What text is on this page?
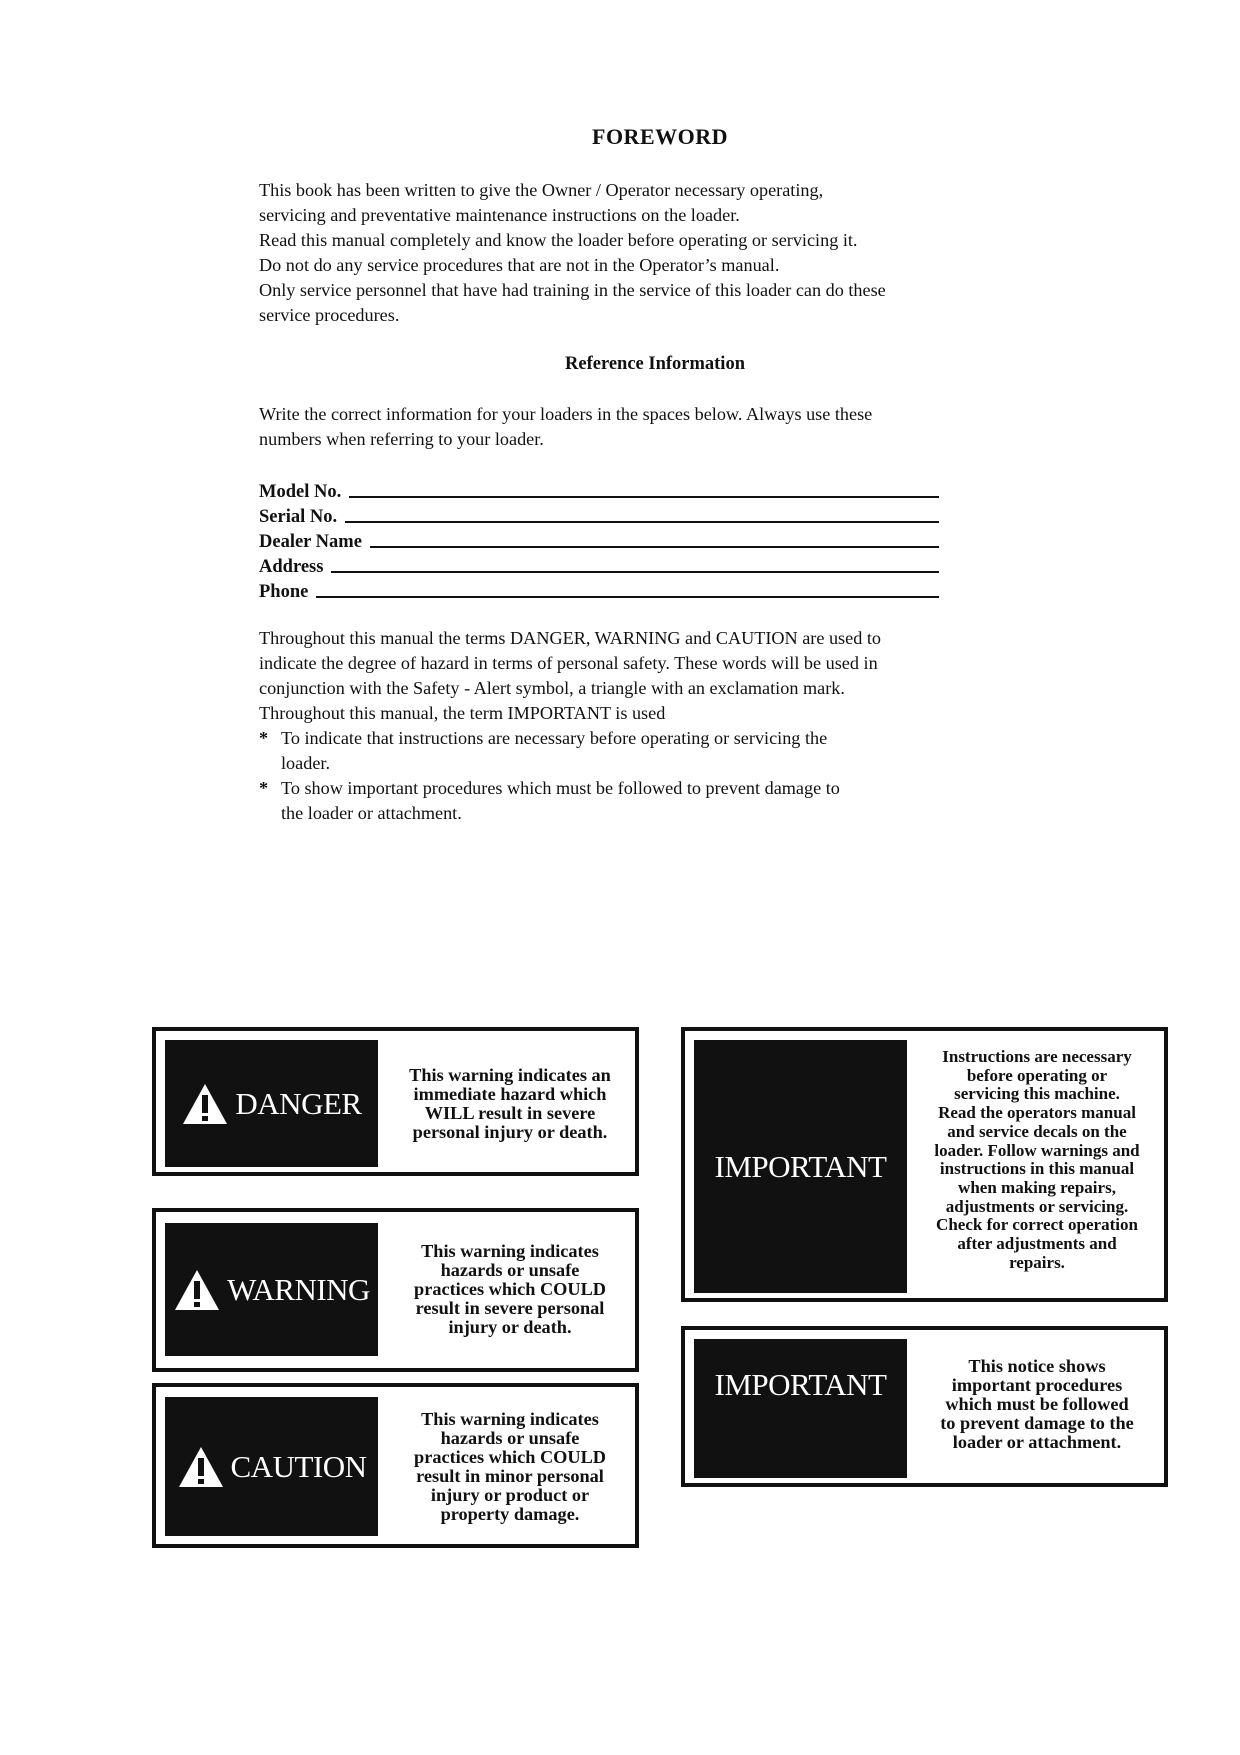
FOREWORD
This book has been written to give the Owner / Operator necessary operating,
servicing and preventative maintenance instructions on the loader.
Read this manual completely and know the loader before operating or servicing it.
Do not do any service procedures that are not in the Operator’s manual.
Only service personnel that have had training in the service of this loader can do these
service procedures.
Reference Information
Write the correct information for your loaders in the spaces below. Always use these
numbers when referring to your loader.
Model No.
Serial No.
Dealer Name
Address
Phone
Throughout this manual the terms DANGER, WARNING and CAUTION are used to
indicate the degree of hazard in terms of personal safety. These words will be used in
conjunction with the Safety - Alert symbol, a triangle with an exclamation mark.
Throughout this manual, the term IMPORTANT is used
* To indicate that instructions are necessary before operating or servicing the
loader.
* To show important procedures which must be followed to prevent damage to
the loader or attachment.
DANGER
This warning indicates an
immediate hazard which
WILL result in severe
personal injury or death.
WARNING
This warning indicates
hazards or unsafe
practices which COULD
result in severe personal
injury or death.
CAUTION
This warning indicates
hazards or unsafe
practices which COULD
result in minor personal
injury or product or
property damage.
IMPORTANT
Instructions are necessary
before operating or
servicing this machine.
Read the operators manual
and service decals on the
loader. Follow warnings and
instructions in this manual
when making repairs,
adjustments or servicing.
Check for correct operation
after adjustments and
repairs.
IMPORTANT
This notice shows
important procedures
which must be followed
to prevent damage to the
loader or attachment.
